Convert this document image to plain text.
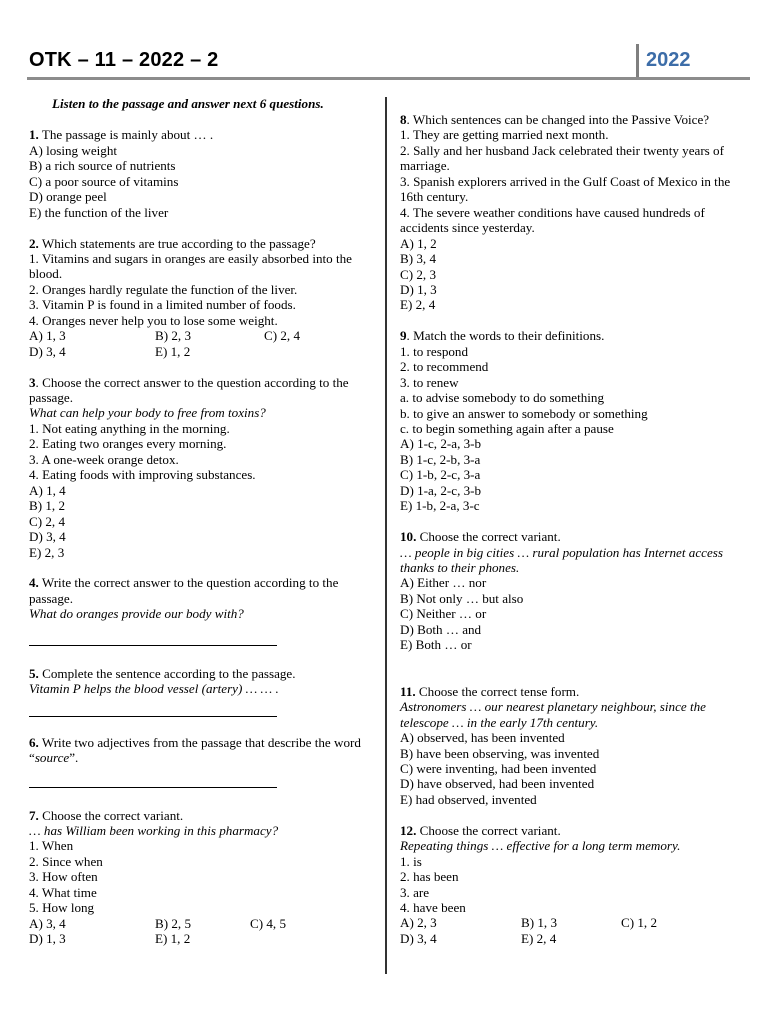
OTK – 11 – 2022 – 2	2022
Listen to the passage and answer next 6 questions.
1. The passage is mainly about … .
A) losing weight
B) a rich source of nutrients
C) a poor source of vitamins
D) orange peel
E) the function of the liver
2. Which statements are true according to the passage?
1. Vitamins and sugars in oranges are easily absorbed into the blood.
2. Oranges hardly regulate the function of the liver.
3. Vitamin P is found in a limited number of foods.
4. Oranges never help you to lose some weight.
A) 1, 3	B) 2, 3	C) 2, 4
D) 3, 4	E) 1, 2
3. Choose the correct answer to the question according to the passage.
What can help your body to free from toxins?
1. Not eating anything in the morning.
2. Eating two oranges every morning.
3. A one-week orange detox.
4. Eating foods with improving substances.
A) 1, 4
B) 1, 2
C) 2, 4
D) 3, 4
E) 2, 3
4. Write the correct answer to the question according to the passage.
What do oranges provide our body with?
5. Complete the sentence according to the passage.
Vitamin P helps the blood vessel (artery) … … .
6. Write two adjectives from the passage that describe the word “source”.
7. Choose the correct variant.
… has William been working in this pharmacy?
1. When
2. Since when
3. How often
4. What time
5. How long
A) 3, 4	B) 2, 5	C) 4, 5
D) 1, 3	E) 1, 2
8. Which sentences can be changed into the Passive Voice?
1. They are getting married next month.
2. Sally and her husband Jack celebrated their twenty years of marriage.
3. Spanish explorers arrived in the Gulf Coast of Mexico in the 16th century.
4. The severe weather conditions have caused hundreds of accidents since yesterday.
A) 1, 2
B) 3, 4
C) 2, 3
D) 1, 3
E) 2, 4
9. Match the words to their definitions.
1. to respond
2. to recommend
3. to renew
a. to advise somebody to do something
b. to give an answer to somebody or something
c. to begin something again after a pause
A) 1-c, 2-a, 3-b
B) 1-c, 2-b, 3-a
C) 1-b, 2-c, 3-a
D) 1-a, 2-c, 3-b
E) 1-b, 2-a, 3-c
10. Choose the correct variant.
… people in big cities … rural population has Internet access thanks to their phones.
A) Either … nor
B) Not only … but also
C) Neither … or
D) Both … and
E) Both … or
11. Choose the correct tense form.
Astronomers … our nearest planetary neighbour, since the telescope … in the early 17th century.
A) observed, has been invented
B) have been observing, was invented
C) were inventing, had been invented
D) have observed, had been invented
E) had observed, invented
12. Choose the correct variant.
Repeating things … effective for a long term memory.
1. is
2. has been
3. are
4. have been
A) 2, 3	B) 1, 3	C) 1, 2
D) 3, 4	E) 2, 4
